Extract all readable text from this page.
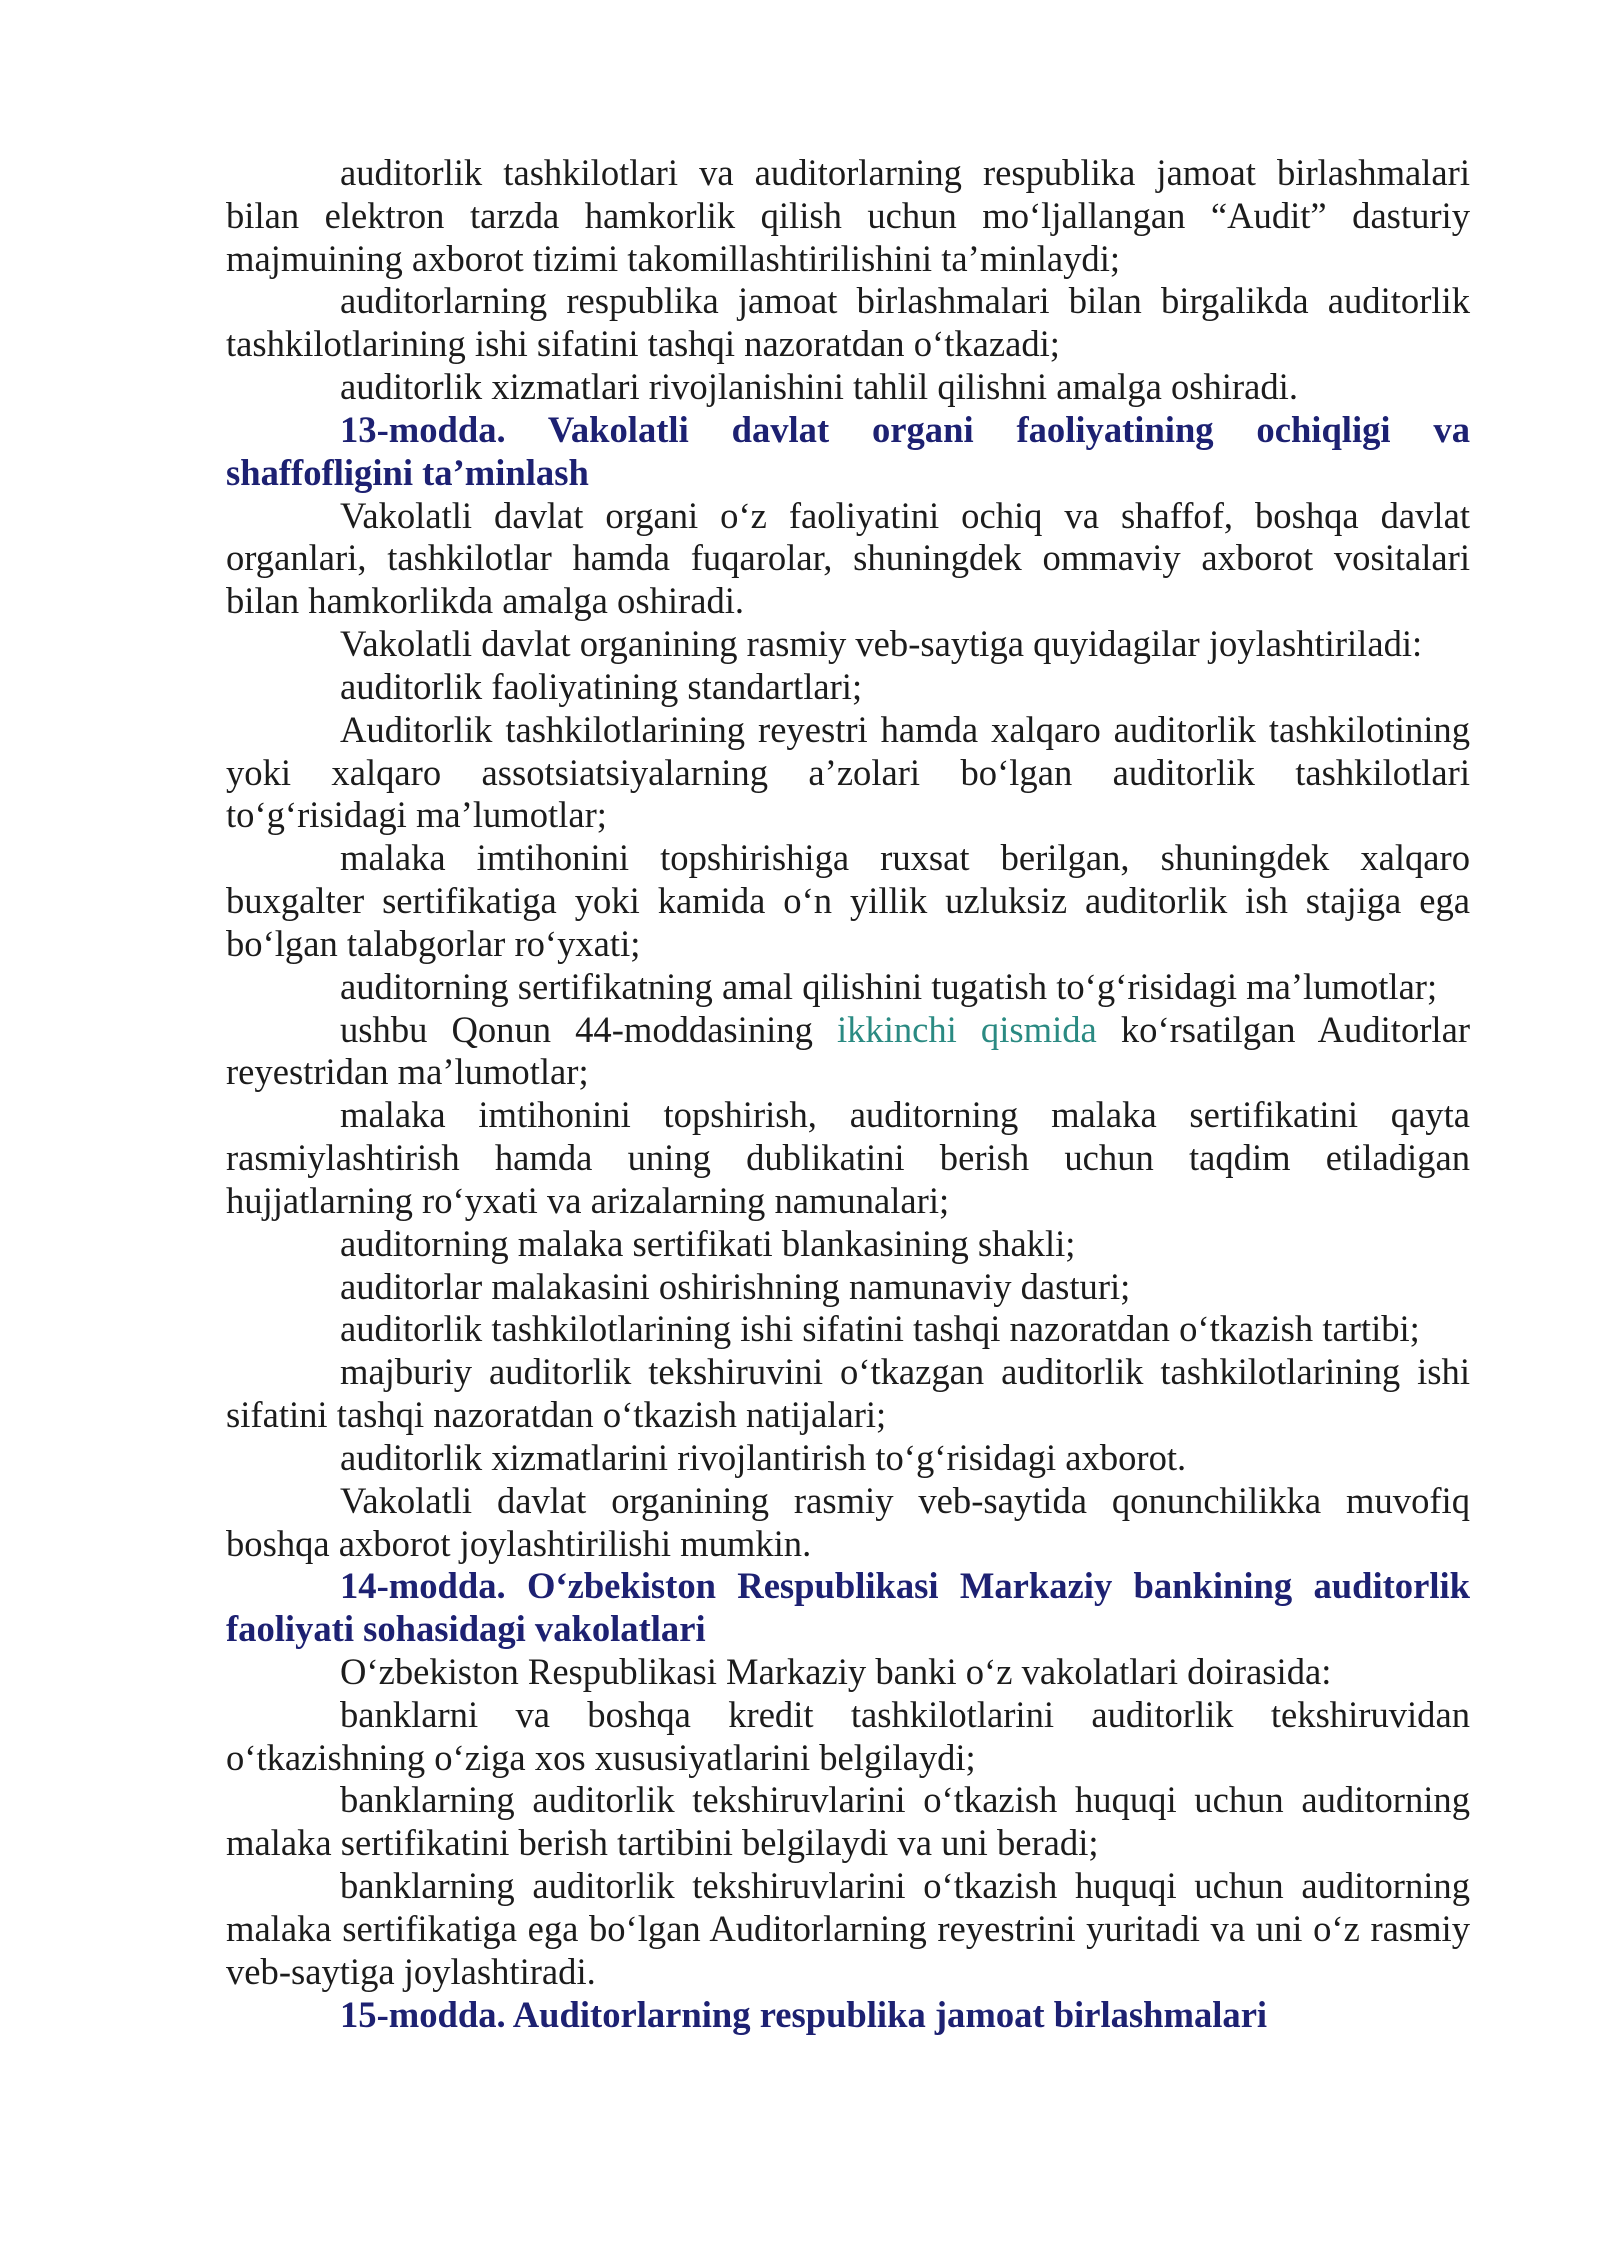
auditorlik tashkilotlari va auditorlarning respublika jamoat birlashmalari
bilan elektron tarzda hamkorlik qilish uchun mo‘ljallangan “Audit” dasturiy
majmuining axborot tizimi takomillashtirilishini ta’minlaydi;
auditorlarning respublika jamoat birlashmalari bilan birgalikda auditorlik
tashkilotlarining ishi sifatini tashqi nazoratdan o‘tkazadi;
auditorlik xizmatlari rivojlanishini tahlil qilishni amalga oshiradi.
13-modda. Vakolatli davlat organi faoliyatining ochiqligi va
shaffofligini ta’minlash
Vakolatli davlat organi o‘z faoliyatini ochiq va shaffof, boshqa davlat
organlari, tashkilotlar hamda fuqarolar, shuningdek ommaviy axborot vositalari
bilan hamkorlikda amalga oshiradi.
Vakolatli davlat organining rasmiy veb-saytiga quyidagilar joylashtiriladi:
auditorlik faoliyatining standartlari;
Auditorlik tashkilotlarining reyestri hamda xalqaro auditorlik tashkilotining
yoki xalqaro assotsiatsiyalarning a’zolari bo‘lgan auditorlik tashkilotlari
to‘g‘risidagi ma’lumotlar;
malaka imtihonini topshirishiga ruxsat berilgan, shuningdek xalqaro
buxgalter sertifikatiga yoki kamida o‘n yillik uzluksiz auditorlik ish stajiga ega
bo‘lgan talabgorlar ro‘yxati;
auditorning sertifikatning amal qilishini tugatish to‘g‘risidagi ma’lumotlar;
ushbu Qonun 44-moddasining ikkinchi qismida ko‘rsatilgan Auditorlar
reyestridan ma’lumotlar;
malaka imtihonini topshirish, auditorning malaka sertifikatini qayta
rasmiylashtirish hamda uning dublikatini berish uchun taqdim etiladigan
hujjatlarning ro‘yxati va arizalarning namunalari;
auditorning malaka sertifikati blankasining shakli;
auditorlar malakasini oshirishning namunaviy dasturi;
auditorlik tashkilotlarining ishi sifatini tashqi nazoratdan o‘tkazish tartibi;
majburiy auditorlik tekshiruvini o‘tkazgan auditorlik tashkilotlarining ishi
sifatini tashqi nazoratdan o‘tkazish natijalari;
auditorlik xizmatlarini rivojlantirish to‘g‘risidagi axborot.
Vakolatli davlat organining rasmiy veb-saytida qonunchilikka muvofiq
boshqa axborot joylashtirilishi mumkin.
14-modda. O‘zbekiston Respublikasi Markaziy bankining auditorlik
faoliyati sohasidagi vakolatlari
O‘zbekiston Respublikasi Markaziy banki o‘z vakolatlari doirasida:
banklarni va boshqa kredit tashkilotlarini auditorlik tekshiruvidan
o‘tkazishning o‘ziga xos xususiyatlarini belgilaydi;
banklarning auditorlik tekshiruvlarini o‘tkazish huquqi uchun auditorning
malaka sertifikatini berish tartibini belgilaydi va uni beradi;
banklarning auditorlik tekshiruvlarini o‘tkazish huquqi uchun auditorning
malaka sertifikatiga ega bo‘lgan Auditorlarning reyestrini yuritadi va uni o‘z rasmiy
veb-saytiga joylashtiradi.
15-modda. Auditorlarning respublika jamoat birlashmalari
